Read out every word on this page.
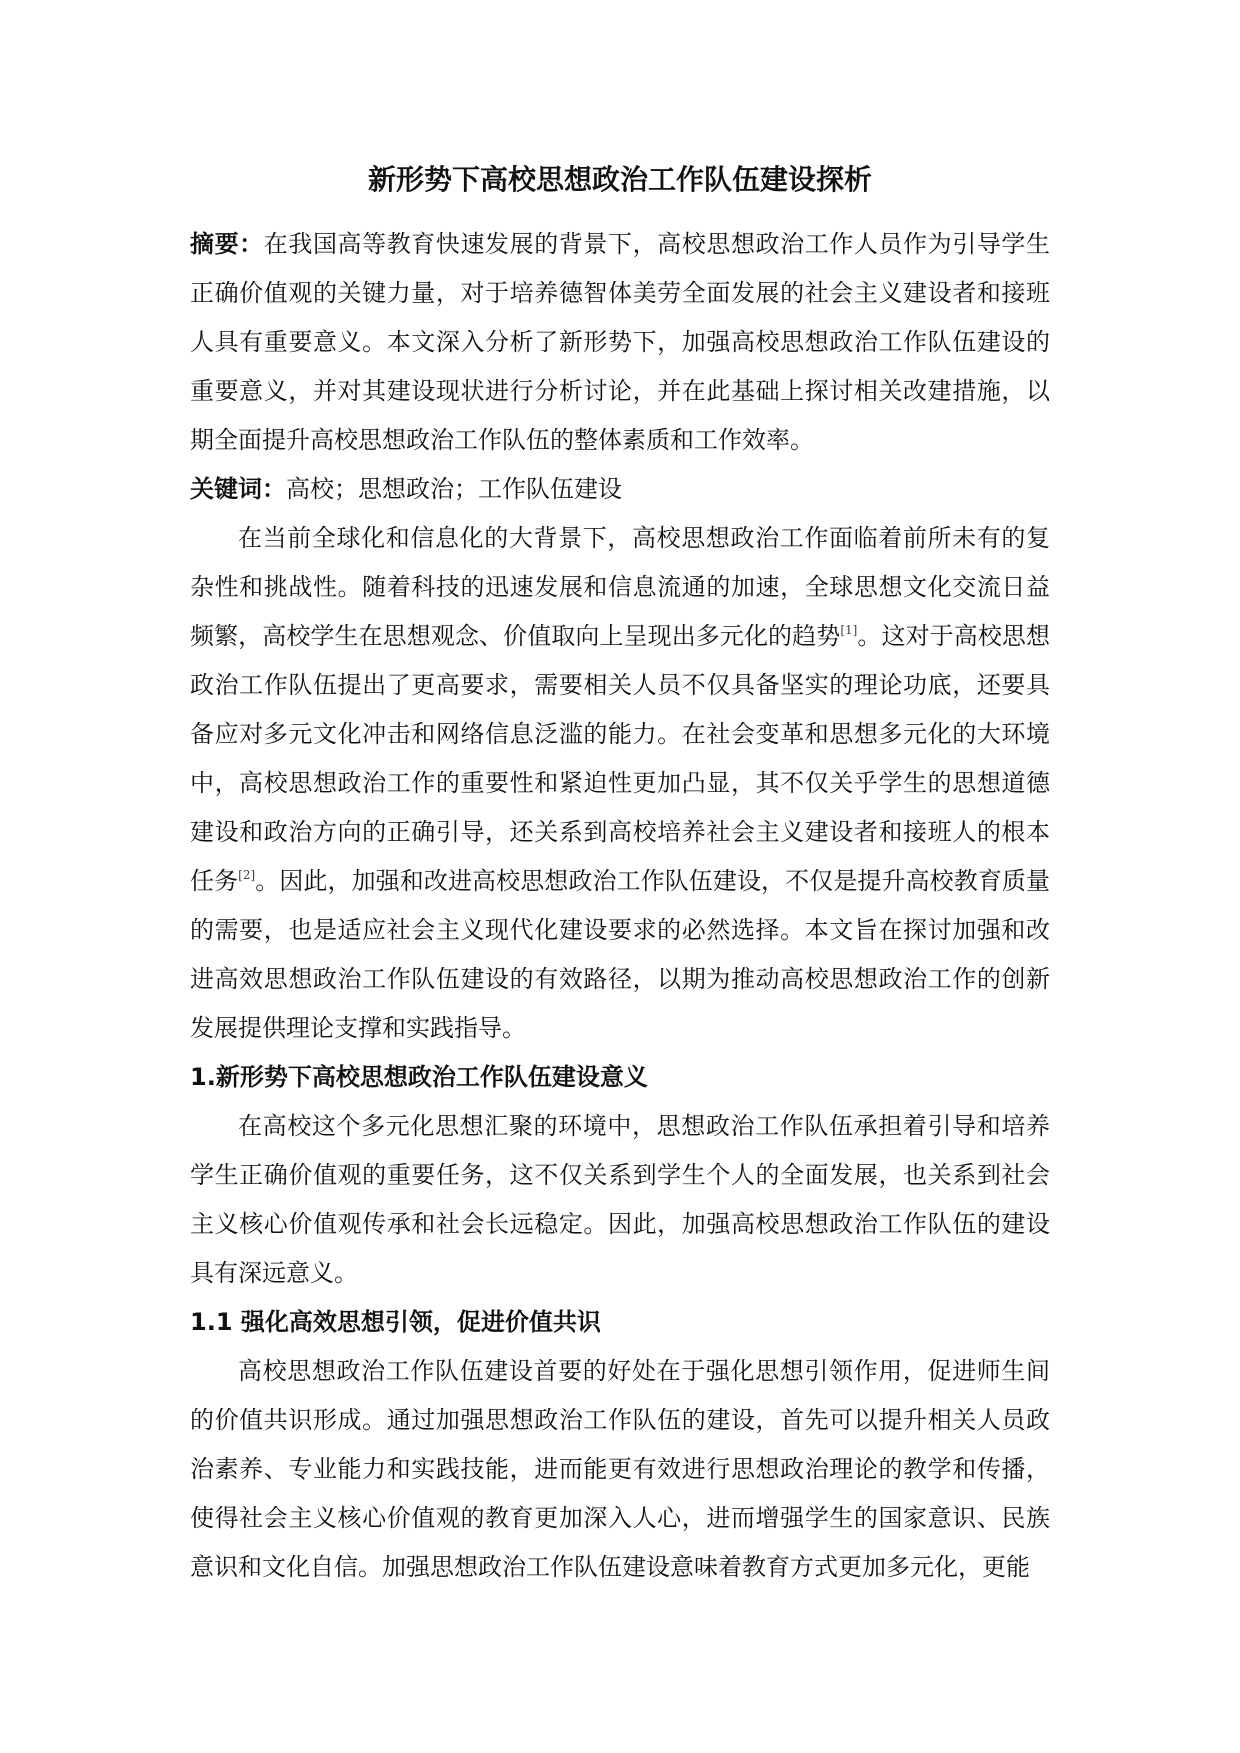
新形势下高校思想政治工作队伍建设探析

摘要：在我国高等教育快速发展的背景下，高校思想政治工作人员作为引导学生正确价值观的关键力量，对于培养德智体美劳全面发展的社会主义建设者和接班人具有重要意义。本文深入分析了新形势下，加强高校思想政治工作队伍建设的重要意义，并对其建设现状进行分析讨论，并在此基础上探讨相关改建措施，以期全面提升高校思想政治工作队伍的整体素质和工作效率。

关键词：高校；思想政治；工作队伍建设

在当前全球化和信息化的大背景下，高校思想政治工作面临着前所未有的复杂性和挑战性。随着科技的迅速发展和信息流通的加速，全球思想文化交流日益频繁，高校学生在思想观念、价值取向上呈现出多元化的趋势[1]。这对于高校思想政治工作队伍提出了更高要求，需要相关人员不仅具备坚实的理论功底，还要具备应对多元文化冲击和网络信息泛滥的能力。在社会变革和思想多元化的大环境中，高校思想政治工作的重要性和紧迫性更加凸显，其不仅关乎学生的思想道德建设和政治方向的正确引导，还关系到高校培养社会主义建设者和接班人的根本任务[2]。因此，加强和改进高校思想政治工作队伍建设，不仅是提升高校教育质量的需要，也是适应社会主义现代化建设要求的必然选择。本文旨在探讨加强和改进高效思想政治工作队伍建设的有效路径，以期为推动高校思想政治工作的创新发展提供理论支撑和实践指导。

1.新形势下高校思想政治工作队伍建设意义

在高校这个多元化思想汇聚的环境中，思想政治工作队伍承担着引导和培养学生正确价值观的重要任务，这不仅关系到学生个人的全面发展，也关系到社会主义核心价值观传承和社会长远稳定。因此，加强高校思想政治工作队伍的建设具有深远意义。

1.1 强化高效思想引领，促进价值共识

高校思想政治工作队伍建设首要的好处在于强化思想引领作用，促进师生间的价值共识形成。通过加强思想政治工作队伍的建设，首先可以提升相关人员政治素养、专业能力和实践技能，进而能更有效进行思想政治理论的教学和传播，使得社会主义核心价值观的教育更加深入人心，进而增强学生的国家意识、民族意识和文化自信。加强思想政治工作队伍建设意味着教育方式更加多元化，更能
